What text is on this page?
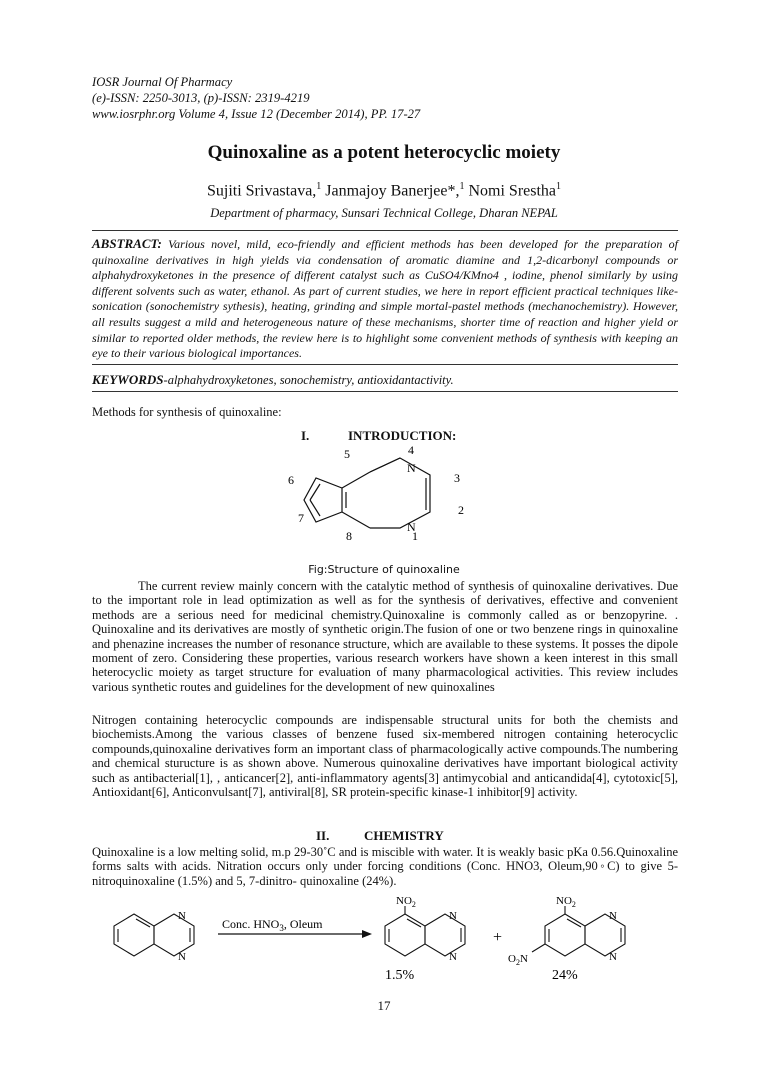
IOSR Journal Of Pharmacy
(e)-ISSN: 2250-3013, (p)-ISSN: 2319-4219
www.iosrphr.org Volume 4, Issue 12 (December 2014), PP. 17-27
Quinoxaline as a potent heterocyclic moiety
Sujiti Srivastava,$^1$ Janmajoy Banerjee*,$^1$ Nomi Srestha$^1$
Department of pharmacy, Sunsari Technical College, Dharan NEPAL
ABSTRACT: Various novel, mild, eco-friendly and efficient methods has been developed for the preparation of quinoxaline derivatives in high yields via condensation of aromatic diamine and 1,2-dicarbonyl compounds or alphahydroxyketones in the presence of different catalyst such as CuSO4/KMno4 , iodine, phenol similarly by using different solvents such as water, ethanol. As part of current studies, we here in report efficient practical techniques like- sonication (sonochemistry sythesis), heating, grinding and simple mortal-pastel methods (mechanochemistry). However, all results suggest a mild and heterogeneous nature of these mechanisms, shorter time of reaction and higher yield or similar to reported older methods, the review here is to highlight some convenient methods of synthesis with keeping an eye to their various biological importances.
KEYWORDS-alphahydroxyketones, sonochemistry, antioxidantactivity.
Methods for synthesis of quinoxaline:
I.	INTRODUCTION:
N
N
1
2
3
4
5
6
7
8
Fig:Structure of quinoxaline
The current review mainly concern with the catalytic method of synthesis of quinoxaline derivatives. Due to the important role in lead optimization as well as for the synthesis of derivatives, effective and convenient methods are a serious need for medicinal chemistry.Quinoxaline is commonly called as or benzopyrine. . Quinoxaline and its derivatives are mostly of synthetic origin.The fusion of one or two benzene rings in quinoxaline and phenazine increases the number of resonance structure, which are available to these systems. It posses the dipole moment of zero. Considering these properties, various research workers have shown a keen interest in this small heterocyclic moiety as target structure for evaluation of many pharmacological activities. This review includes various synthetic routes and guidelines for the development of new quinoxalines
Nitrogen containing heterocyclic compounds are indispensable structural units for both the chemists and biochemists.Among the various classes of benzene fused six-membered nitrogen containing heterocyclic compounds,quinoxaline derivatives form an important class of pharmacologically active compounds.The numbering and chemical sturucture is as shown above. Numerous quinoxaline derivatives have important biological activity such as antibacterial[1], , anticancer[2], anti-inflammatory agents[3] antimycobial and anticandida[4], cytotoxic[5], Antioxidant[6], Anticonvulsant[7], antiviral[8], SR protein-specific kinase-1 inhibitor[9] activity.
II.	CHEMISTRY
Quinoxaline is a low melting solid, m.p 29-30˚C and is miscible with water. It is weakly basic pKa 0.56.Quinoxaline forms salts with acids. Nitration occurs only under forcing conditions (Conc. HNO3, Oleum,90◦C) to give 5-nitroquinoxaline (1.5%) and 5, 7-dinitro- quinoxaline (24%).
N
N
Conc. $HNO_3$, Oleum
$NO_2$
N
N
1.5%
+
$NO_2$
$O_2N$
N
N
24%
17
